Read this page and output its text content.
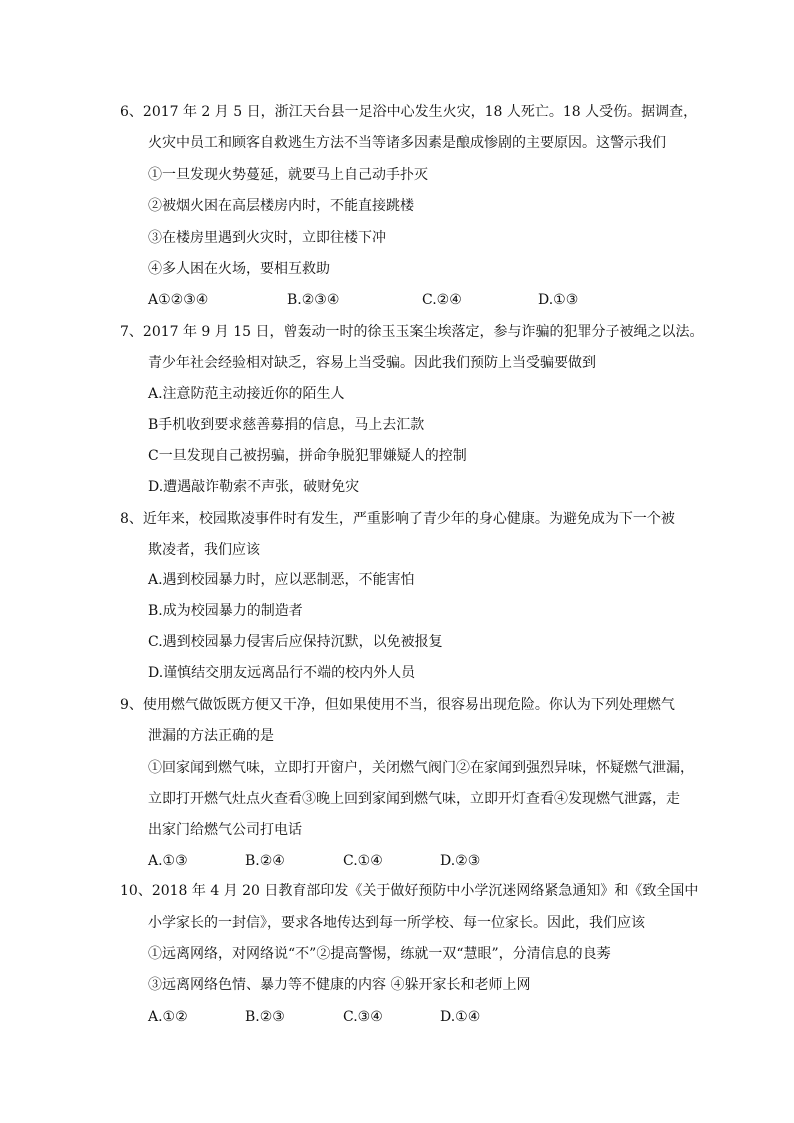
6、2017 年 2 月 5 日，浙江天台县一足浴中心发生火灾，18 人死亡。18 人受伤。据调查，
火灾中员工和顾客自救逃生方法不当等诸多因素是酿成惨剧的主要原因。这警示我们
①一旦发现火势蔓延，就要马上自己动手扑灭
②被烟火困在高层楼房内时，不能直接跳楼
③在楼房里遇到火灾时，立即往楼下冲
④多人困在火场，要相互救助
A①②③④	B.②③④	C.②④	D.①③
7、2017 年 9 月 15 日，曾轰动一时的徐玉玉案尘埃落定，参与诈骗的犯罪分子被绳之以法。
青少年社会经验相对缺乏，容易上当受骗。因此我们预防上当受骗要做到
A.注意防范主动接近你的陌生人
B手机收到要求慈善募捐的信息，马上去汇款
C一旦发现自己被拐骗，拼命争脱犯罪嫌疑人的控制
D.遭遇敲诈勒索不声张，破财免灾
8、近年来，校园欺凌事件时有发生，严重影响了青少年的身心健康。为避免成为下一个被
欺凌者，我们应该
A.遇到校园暴力时，应以恶制恶，不能害怕
B.成为校园暴力的制造者
C.遇到校园暴力侵害后应保持沉默，以免被报复
D.谨慎结交朋友远离品行不端的校内外人员
9、使用燃气做饭既方便又干净，但如果使用不当，很容易出现危险。你认为下列处理燃气
泄漏的方法正确的是
①回家闻到燃气味，立即打开窗户，关闭燃气阀门②在家闻到强烈异味，怀疑燃气泄漏，
立即打开燃气灶点火查看③晚上回到家闻到燃气味，立即开灯查看④发现燃气泄露，走
出家门给燃气公司打电话
A.①③	B.②④	C.①④	D.②③
10、2018 年 4 月 20 日教育部印发《关于做好预防中小学沉迷网络紧急通知》和《致全国中
小学家长的一封信》，要求各地传达到每一所学校、每一位家长。因此，我们应该
①远离网络，对网络说“不”②提高警惕，练就一双“慧眼”，分清信息的良莠
③远离网络色情、暴力等不健康的内容 ④躲开家长和老师上网
A.①②	B.②③	C.③④	D.①④
